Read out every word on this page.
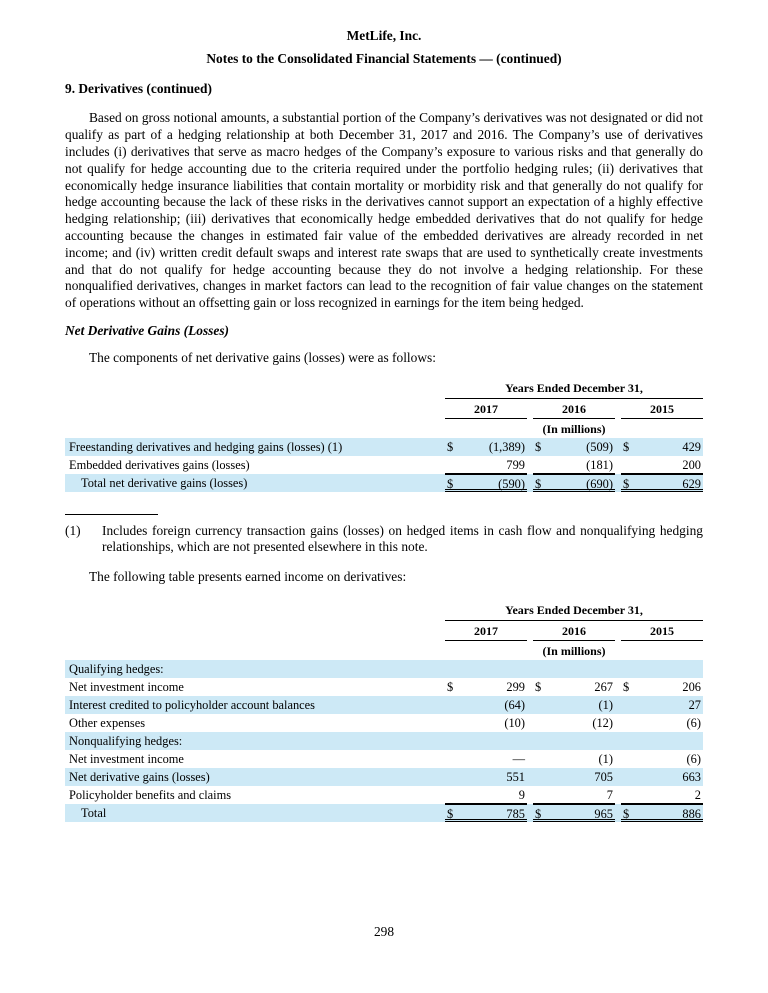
MetLife, Inc.
Notes to the Consolidated Financial Statements — (continued)
9. Derivatives (continued)

Based on gross notional amounts, a substantial portion of the Company’s derivatives was not designated or did not qualify as part of a hedging relationship at both December 31, 2017 and 2016. The Company’s use of derivatives includes (i) derivatives that serve as macro hedges of the Company’s exposure to various risks and that generally do not qualify for hedge accounting due to the criteria required under the portfolio hedging rules; (ii) derivatives that economically hedge insurance liabilities that contain mortality or morbidity risk and that generally do not qualify for hedge accounting because the lack of these risks in the derivatives cannot support an expectation of a highly effective hedging relationship; (iii) derivatives that economically hedge embedded derivatives that do not qualify for hedge accounting because the changes in estimated fair value of the embedded derivatives are already recorded in net income; and (iv) written credit default swaps and interest rate swaps that are used to synthetically create investments and that do not qualify for hedge accounting because they do not involve a hedging relationship. For these nonqualified derivatives, changes in market factors can lead to the recognition of fair value changes on the statement of operations without an offsetting gain or loss recognized in earnings for the item being hedged.

Net Derivative Gains (Losses)
The components of net derivative gains (losses) were as follows:
Years Ended December 31,
2017	2016	2015
(In millions)
Freestanding derivatives and hedging gains (losses) (1)	$	(1,389) $	(509) $	429
Embedded derivatives gains (losses)	799	(181)	200
Total net derivative gains (losses)	$	(590) $	(690) $	629
(1)	Includes foreign currency transaction gains (losses) on hedged items in cash flow and nonqualifying hedging relationships, which are not presented elsewhere in this note.
The following table presents earned income on derivatives:
Years Ended December 31,
2017	2016	2015
(In millions)
Qualifying hedges:
Net investment income	$	299 $	267 $	206
Interest credited to policyholder account balances	(64)	(1)	27
Other expenses	(10)	(12)	(6)
Nonqualifying hedges:
Net investment income	—	(1)	(6)
Net derivative gains (losses)	551	705	663
Policyholder benefits and claims	9	7	2
Total	$	785 $	965 $	886
298
